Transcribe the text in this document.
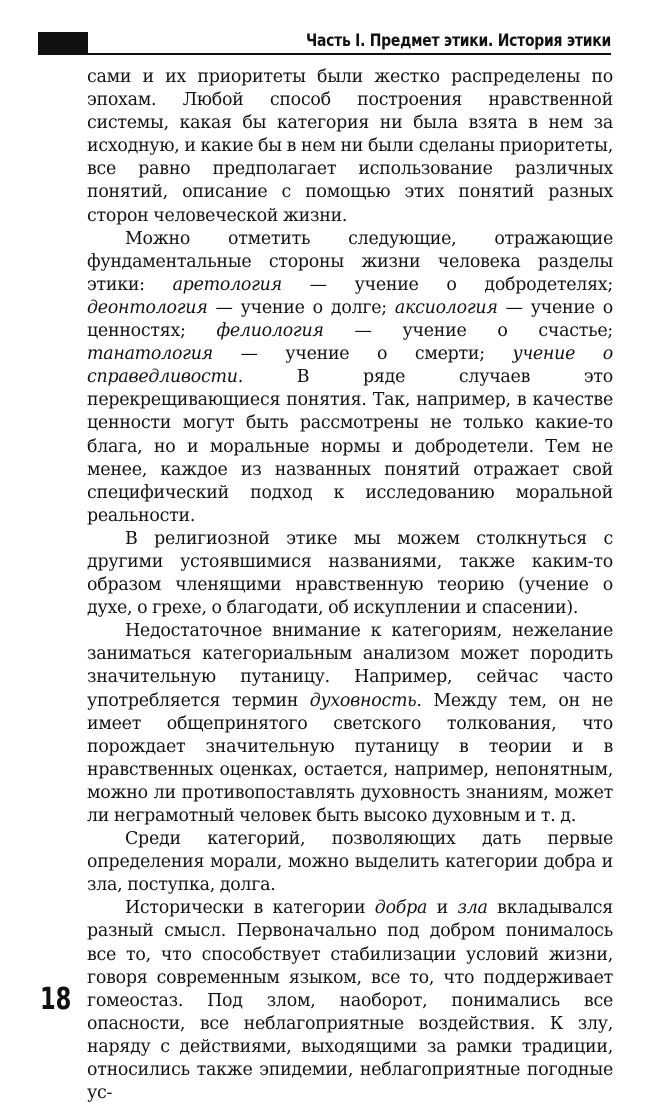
Часть I. Предмет этики. История этики

сами и их приоритеты были жестко распределены по эпохам. Любой способ построения нравственной системы, какая бы категория ни была взята в нем за исходную, и какие бы в нем ни были сделаны приоритеты, все равно предполагает использование различных понятий, описание с помощью этих понятий разных сторон человеческой жизни.

Можно отметить следующие, отражающие фундаментальные стороны жизни человека разделы этики: аретология — учение о добродетелях; деонтология — учение о долге; аксиология — учение о ценностях; фелиология — учение о счастье; танатология — учение о смерти; учение о справедливости. В ряде случаев это перекрещивающиеся понятия. Так, например, в качестве ценности могут быть рассмотрены не только какие-то блага, но и моральные нормы и добродетели. Тем не менее, каждое из названных понятий отражает свой специфический подход к исследованию моральной реальности.

В религиозной этике мы можем столкнуться с другими устоявшимися названиями, также каким-то образом членящими нравственную теорию (учение о духе, о грехе, о благодати, об искуплении и спасении).

Недостаточное внимание к категориям, нежелание заниматься категориальным анализом может породить значительную путаницу. Например, сейчас часто употребляется термин духовность. Между тем, он не имеет общепринятого светского толкования, что порождает значительную путаницу в теории и в нравственных оценках, остается, например, непонятным, можно ли противопоставлять духовность знаниям, может ли неграмотный человек быть высоко духовным и т. д.

Среди категорий, позволяющих дать первые определения морали, можно выделить категории добра и зла, поступка, долга.

Исторически в категории добра и зла вкладывался разный смысл. Первоначально под добром понималось все то, что способствует стабилизации условий жизни, говоря современным языком, все то, что поддерживает гомеостаз. Под злом, наоборот, понимались все опасности, все неблагоприятные воздействия. К злу, наряду с действиями, выходящими за рамки традиции, относились также эпидемии, неблагоприятные погодные ус-

18
